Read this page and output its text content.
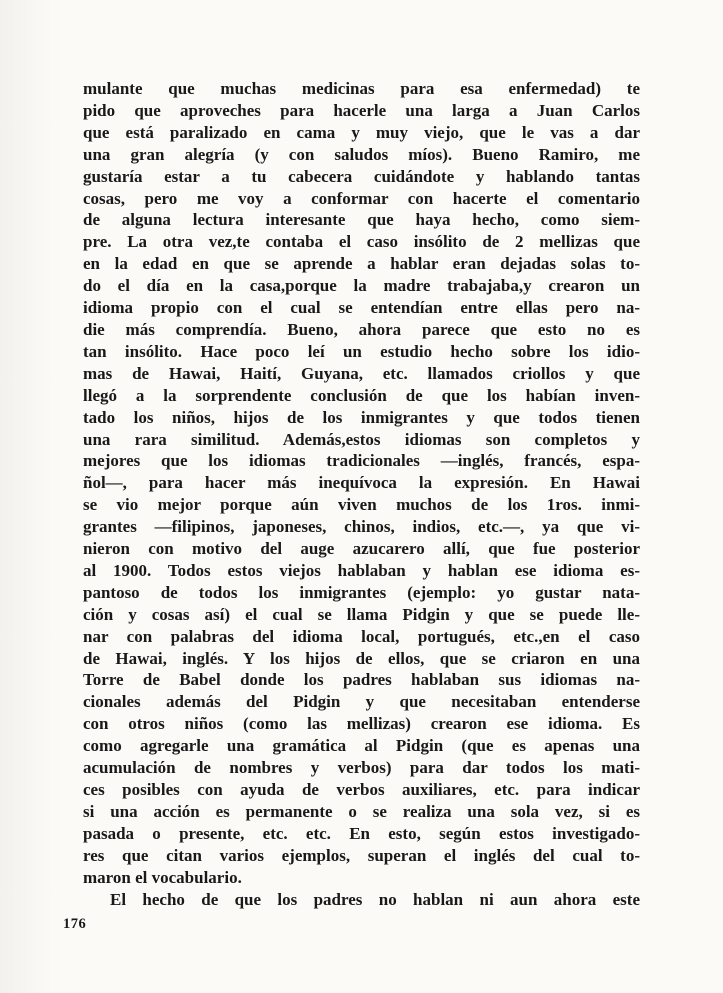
mulante que muchas medicinas para esa enfermedad) te
pido que aproveches para hacerle una larga a Juan Carlos
que está paralizado en cama y muy viejo, que le vas a dar
una gran alegría (y con saludos míos). Bueno Ramiro, me
gustaría estar a tu cabecera cuidándote y hablando tantas
cosas, pero me voy a conformar con hacerte el comentario
de alguna lectura interesante que haya hecho, como siem-
pre. La otra vez,te contaba el caso insólito de 2 mellizas que
en la edad en que se aprende a hablar eran dejadas solas to-
do el día en la casa,porque la madre trabajaba,y crearon un
idioma propio con el cual se entendían entre ellas pero na-
die más comprendía. Bueno, ahora parece que esto no es
tan insólito. Hace poco leí un estudio hecho sobre los idio-
mas de Hawai, Haití, Guyana, etc. llamados criollos y que
llegó a la sorprendente conclusión de que los habían inven-
tado los niños, hijos de los inmigrantes y que todos tienen
una rara similitud. Además,estos idiomas son completos y
mejores que los idiomas tradicionales —inglés, francés, espa-
ñol—, para hacer más inequívoca la expresión. En Hawai
se vio mejor porque aún viven muchos de los 1ros. inmi-
grantes —filipinos, japoneses, chinos, indios, etc.—, ya que vi-
nieron con motivo del auge azucarero allí, que fue posterior
al 1900. Todos estos viejos hablaban y hablan ese idioma es-
pantoso de todos los inmigrantes (ejemplo: yo gustar nata-
ción y cosas así) el cual se llama Pidgin y que se puede lle-
nar con palabras del idioma local, portugués, etc.,en el caso
de Hawai, inglés. Y los hijos de ellos, que se criaron en una
Torre de Babel donde los padres hablaban sus idiomas na-
cionales además del Pidgin y que necesitaban entenderse
con otros niños (como las mellizas) crearon ese idioma. Es
como agregarle una gramática al Pidgin (que es apenas una
acumulación de nombres y verbos) para dar todos los mati-
ces posibles con ayuda de verbos auxiliares, etc. para indicar
si una acción es permanente o se realiza una sola vez, si es
pasada o presente, etc. etc. En esto, según estos investigado-
res que citan varios ejemplos, superan el inglés del cual to-
maron el vocabulario.
El hecho de que los padres no hablan ni aun ahora este
176
